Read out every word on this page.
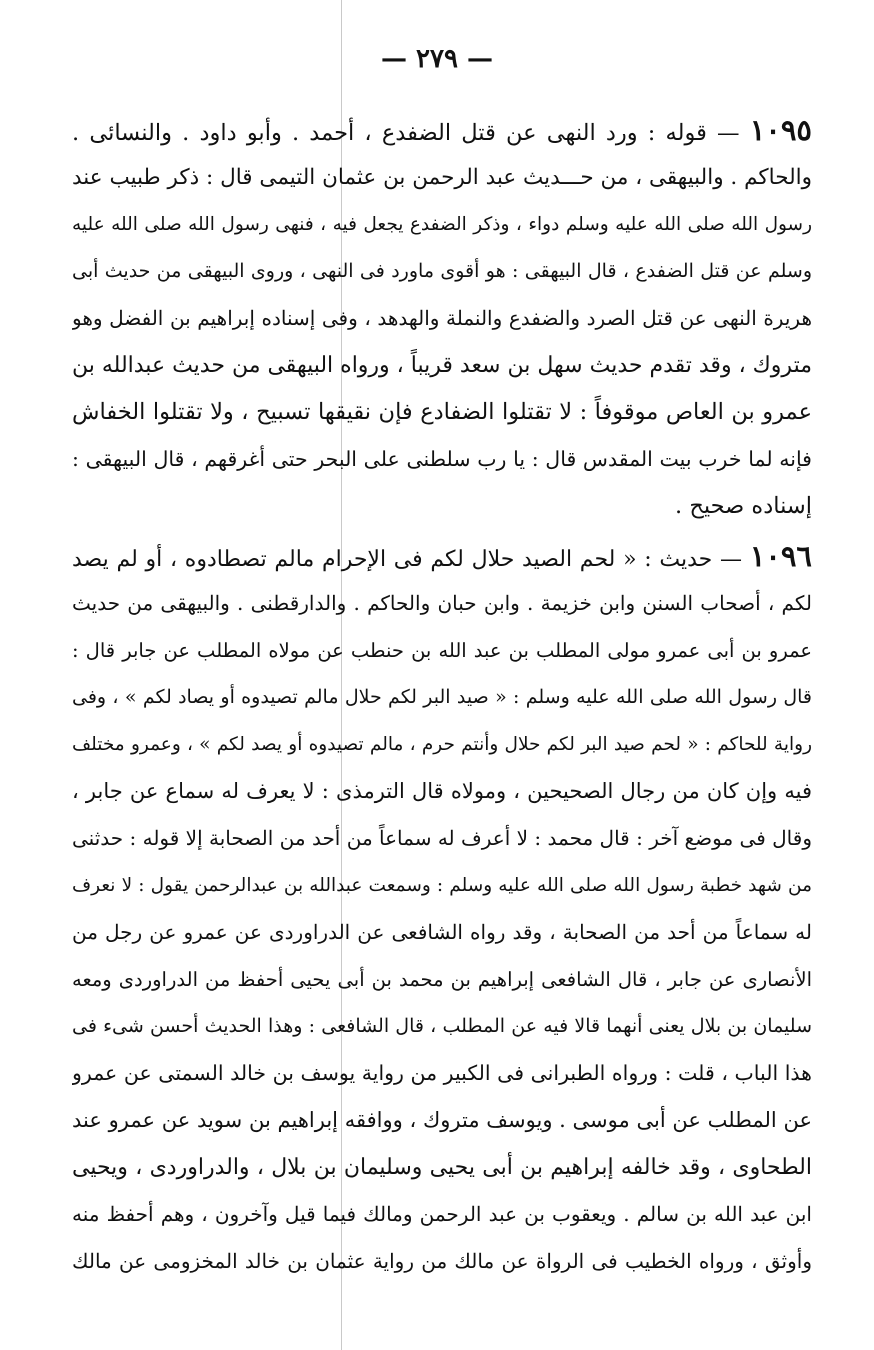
— ٢٧٩ —
١٠٩٥ — قوله : ورد النهى عن قتل الضفدع ، أحمد . وأبو داود . والنسائى .
والحاكم . والبيهقى ، من حـــديث عبد الرحمن بن عثمان التيمى قال : ذكر طبيب عند
رسول الله صلى الله عليه وسلم دواء ، وذكر الضفدع يجعل فيه ، فنهى رسول الله صلى الله عليه
وسلم عن قتل الضفدع ، قال البيهقى : هو أقوى ماورد فى النهى ، وروى البيهقى من حديث أبى
هريرة النهى عن قتل الصرد والضفدع والنملة والهدهد ، وفى إسناده إبراهيم بن الفضل وهو
متروك ، وقد تقدم حديث سهل بن سعد قريباً ، ورواه البيهقى من حديث عبدالله بن
عمرو بن العاص موقوفاً : لا تقتلوا الضفادع فإن نقيقها تسبيح ، ولا تقتلوا الخفاش
فإنه لما خرب بيت المقدس قال : يا رب سلطنى على البحر حتى أغرقهم ، قال البيهقى :
إسناده صحيح .
١٠٩٦ — حديث : « لحم الصيد حلال لكم فى الإحرام مالم تصطادوه ، أو لم يصد
لكم ، أصحاب السنن وابن خزيمة . وابن حبان والحاكم . والدارقطنى . والبيهقى من حديث
عمرو بن أبى عمرو مولى المطلب بن عبد الله بن حنطب عن مولاه المطلب عن جابر قال :
قال رسول الله صلى الله عليه وسلم : « صيد البر لكم حلال مالم تصيدوه أو يصاد لكم » ، وفى
رواية للحاكم : « لحم صيد البر لكم حلال وأنتم حرم ، مالم تصيدوه أو يصد لكم » ، وعمرو مختلف
فيه وإن كان من رجال الصحيحين ، ومولاه قال الترمذى : لا يعرف له سماع عن جابر ،
وقال فى موضع آخر : قال محمد : لا أعرف له سماعاً من أحد من الصحابة إلا قوله : حدثنى
من شهد خطبة رسول الله صلى الله عليه وسلم : وسمعت عبدالله بن عبدالرحمن يقول : لا نعرف
له سماعاً من أحد من الصحابة ، وقد رواه الشافعى عن الدراوردى عن عمرو عن رجل من
الأنصارى عن جابر ، قال الشافعى إبراهيم بن محمد بن أبى يحيى أحفظ من الدراوردى ومعه
سليمان بن بلال يعنى أنهما قالا فيه عن المطلب ، قال الشافعى : وهذا الحديث أحسن شىء فى
هذا الباب ، قلت : ورواه الطبرانى فى الكبير من رواية يوسف بن خالد السمتى عن عمرو
عن المطلب عن أبى موسى . ويوسف متروك ، ووافقه إبراهيم بن سويد عن عمرو عند
الطحاوى ، وقد خالفه إبراهيم بن أبى يحيى وسليمان بن بلال ، والدراوردى ، ويحيى
ابن عبد الله بن سالم . ويعقوب بن عبد الرحمن ومالك فيما قيل وآخرون ، وهم أحفظ منه
وأوثق ، ورواه الخطيب فى الرواة عن مالك من رواية عثمان بن خالد المخزومى عن مالك
